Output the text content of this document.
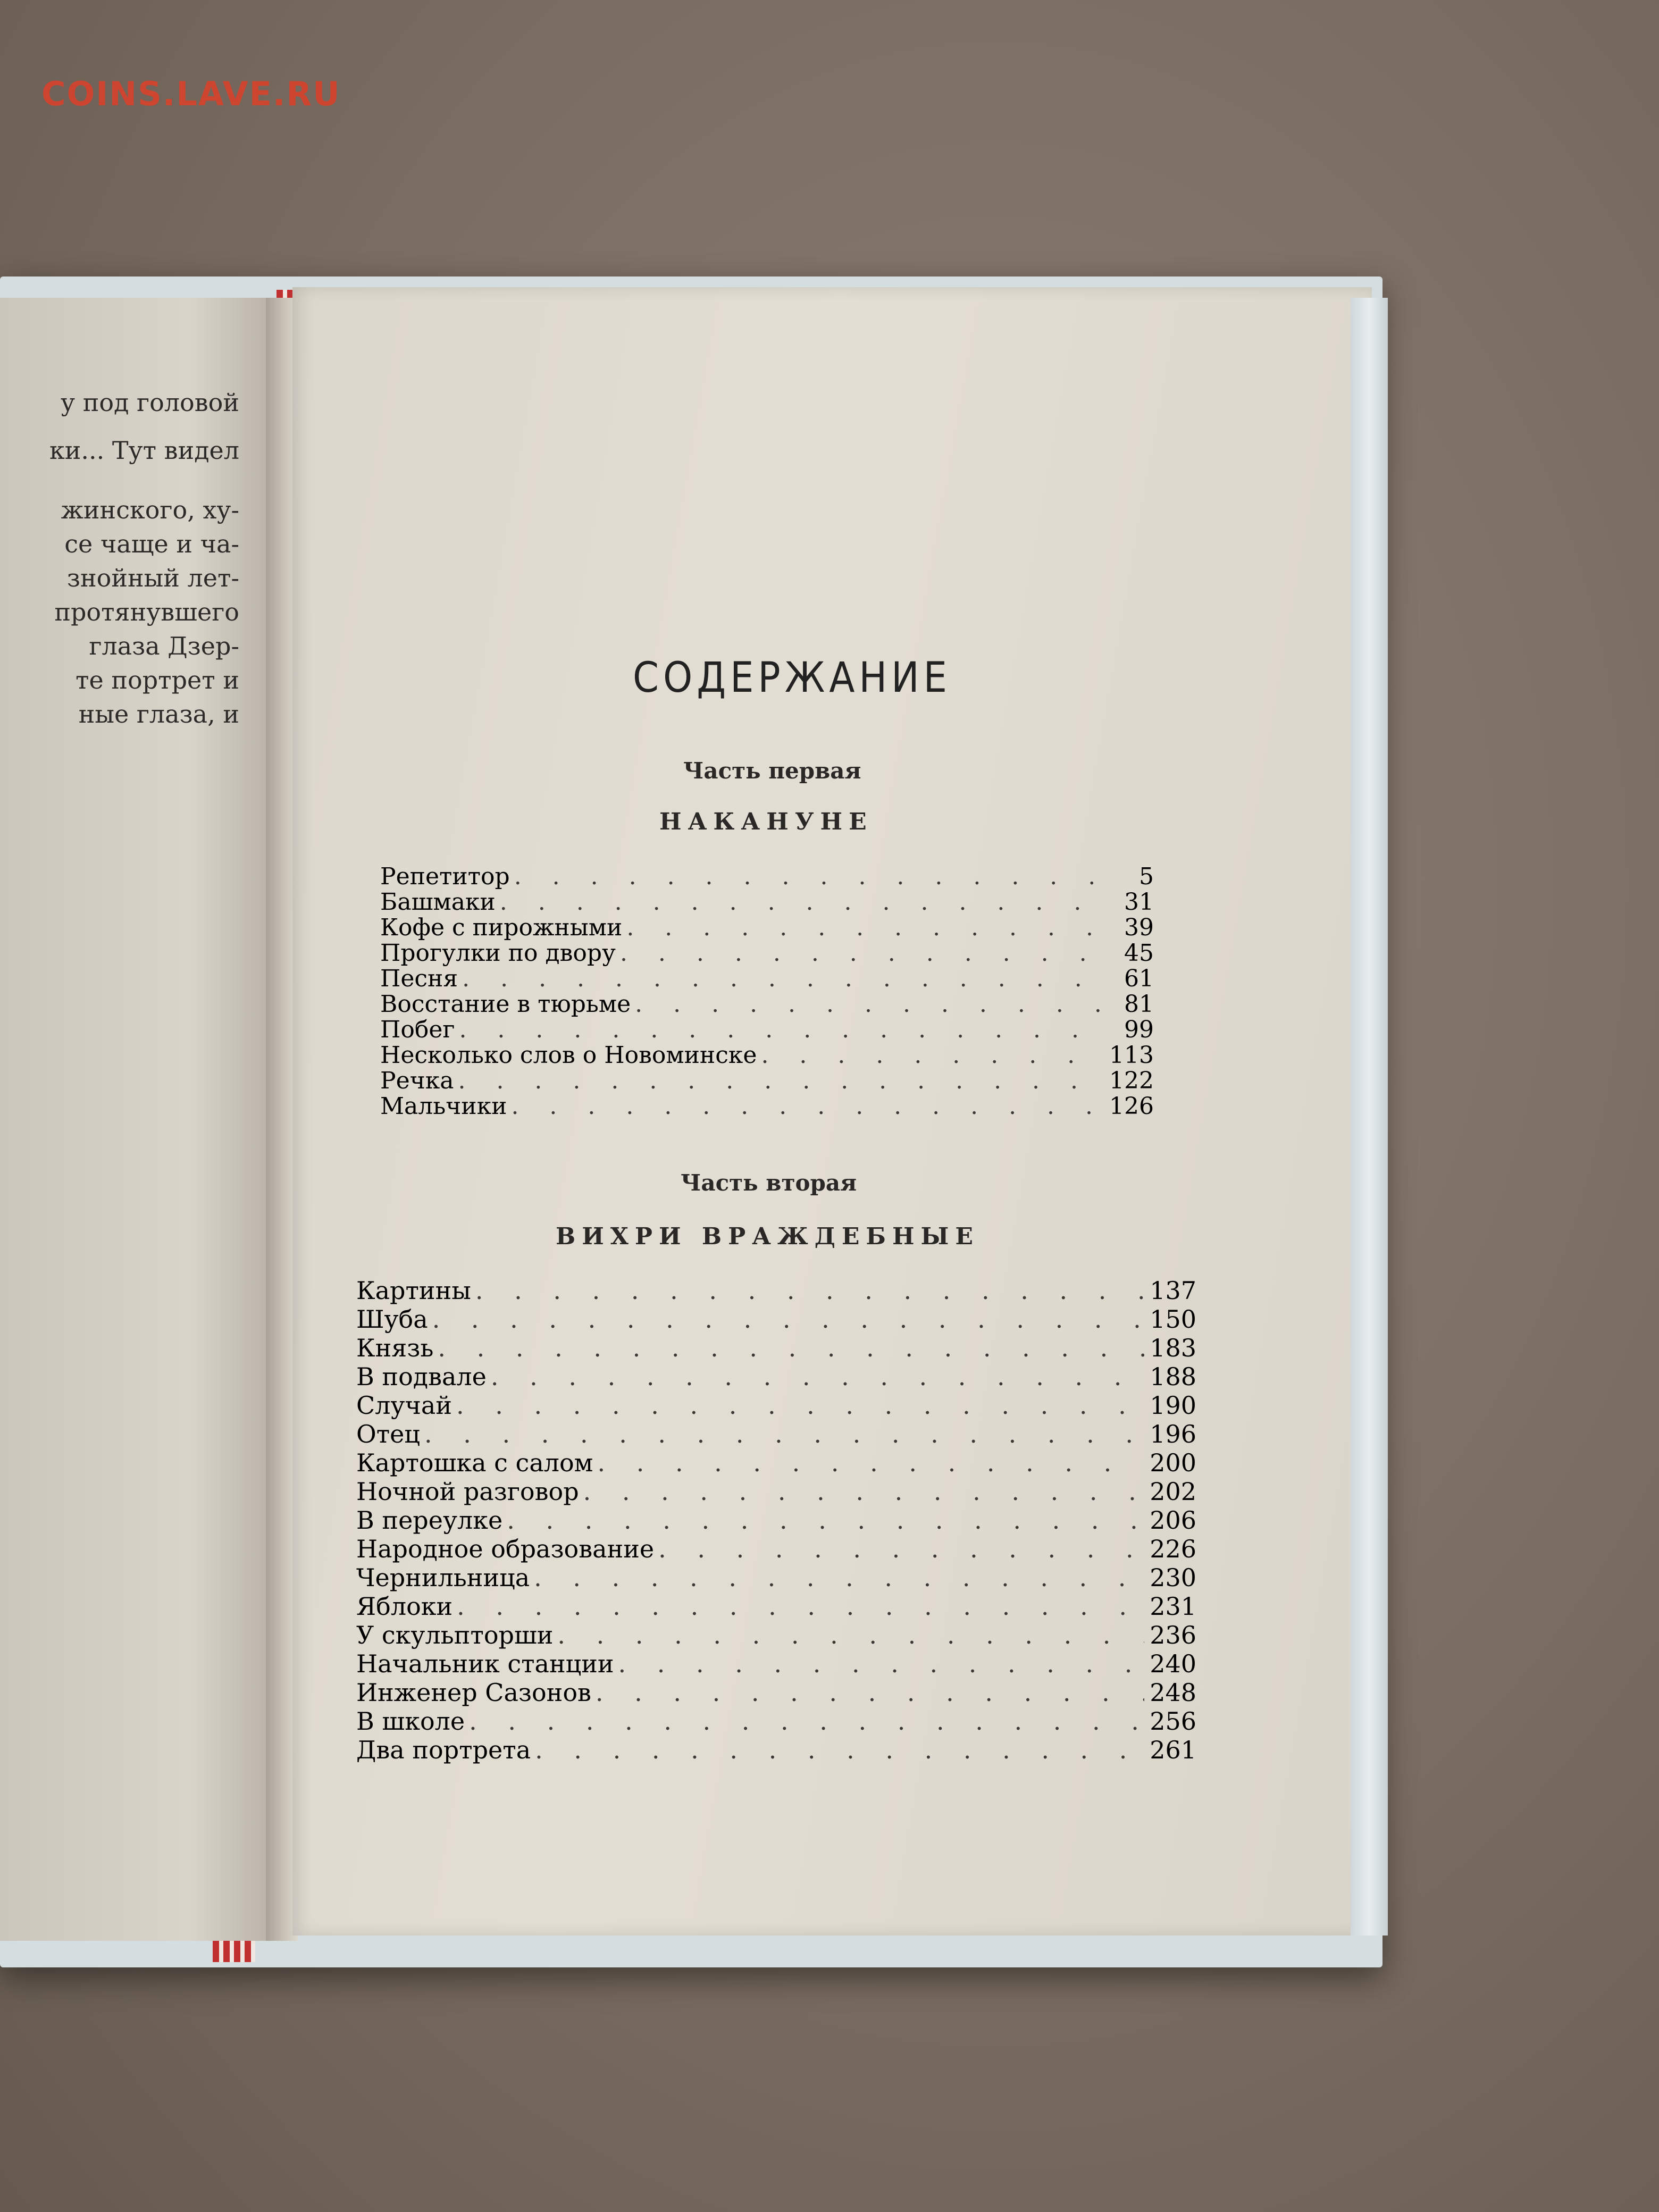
COINS.LAVE.RU
у под головой
ки... Тут видел
жинского, ху-
се чаще и ча-
знойный лет-
протянувшего
глаза Дзер-
те портрет и
ные глаза, и
СОДЕРЖАНИЕ
Часть первая
НАКАНУНЕ
Репетитор . . .	5
Башмаки . . .	31
Кофе с пирожными . . .	39
Прогулки по двору . . .	45
Песня . . .	61
Восстание в тюрьме . . .	81
Побег . . .	99
Несколько слов о Новоминске . . .	113
Речка . . .	122
Мальчики . . .	126
Часть вторая
ВИХРИ ВРАЖДЕБНЫЕ
Картины . . .	137
Шуба . . .	150
Князь . . .	183
В подвале . . .	188
Случай . . .	190
Отец . . .	196
Картошка с салом . . .	200
Ночной разговор . . .	202
В переулке . . .	206
Народное образование . . .	226
Чернильница . . .	230
Яблоки . . .	231
У скульпторши . . .	236
Начальник станции . . .	240
Инженер Сазонов . . .	248
В школе . . .	256
Два портрета . . .	261
